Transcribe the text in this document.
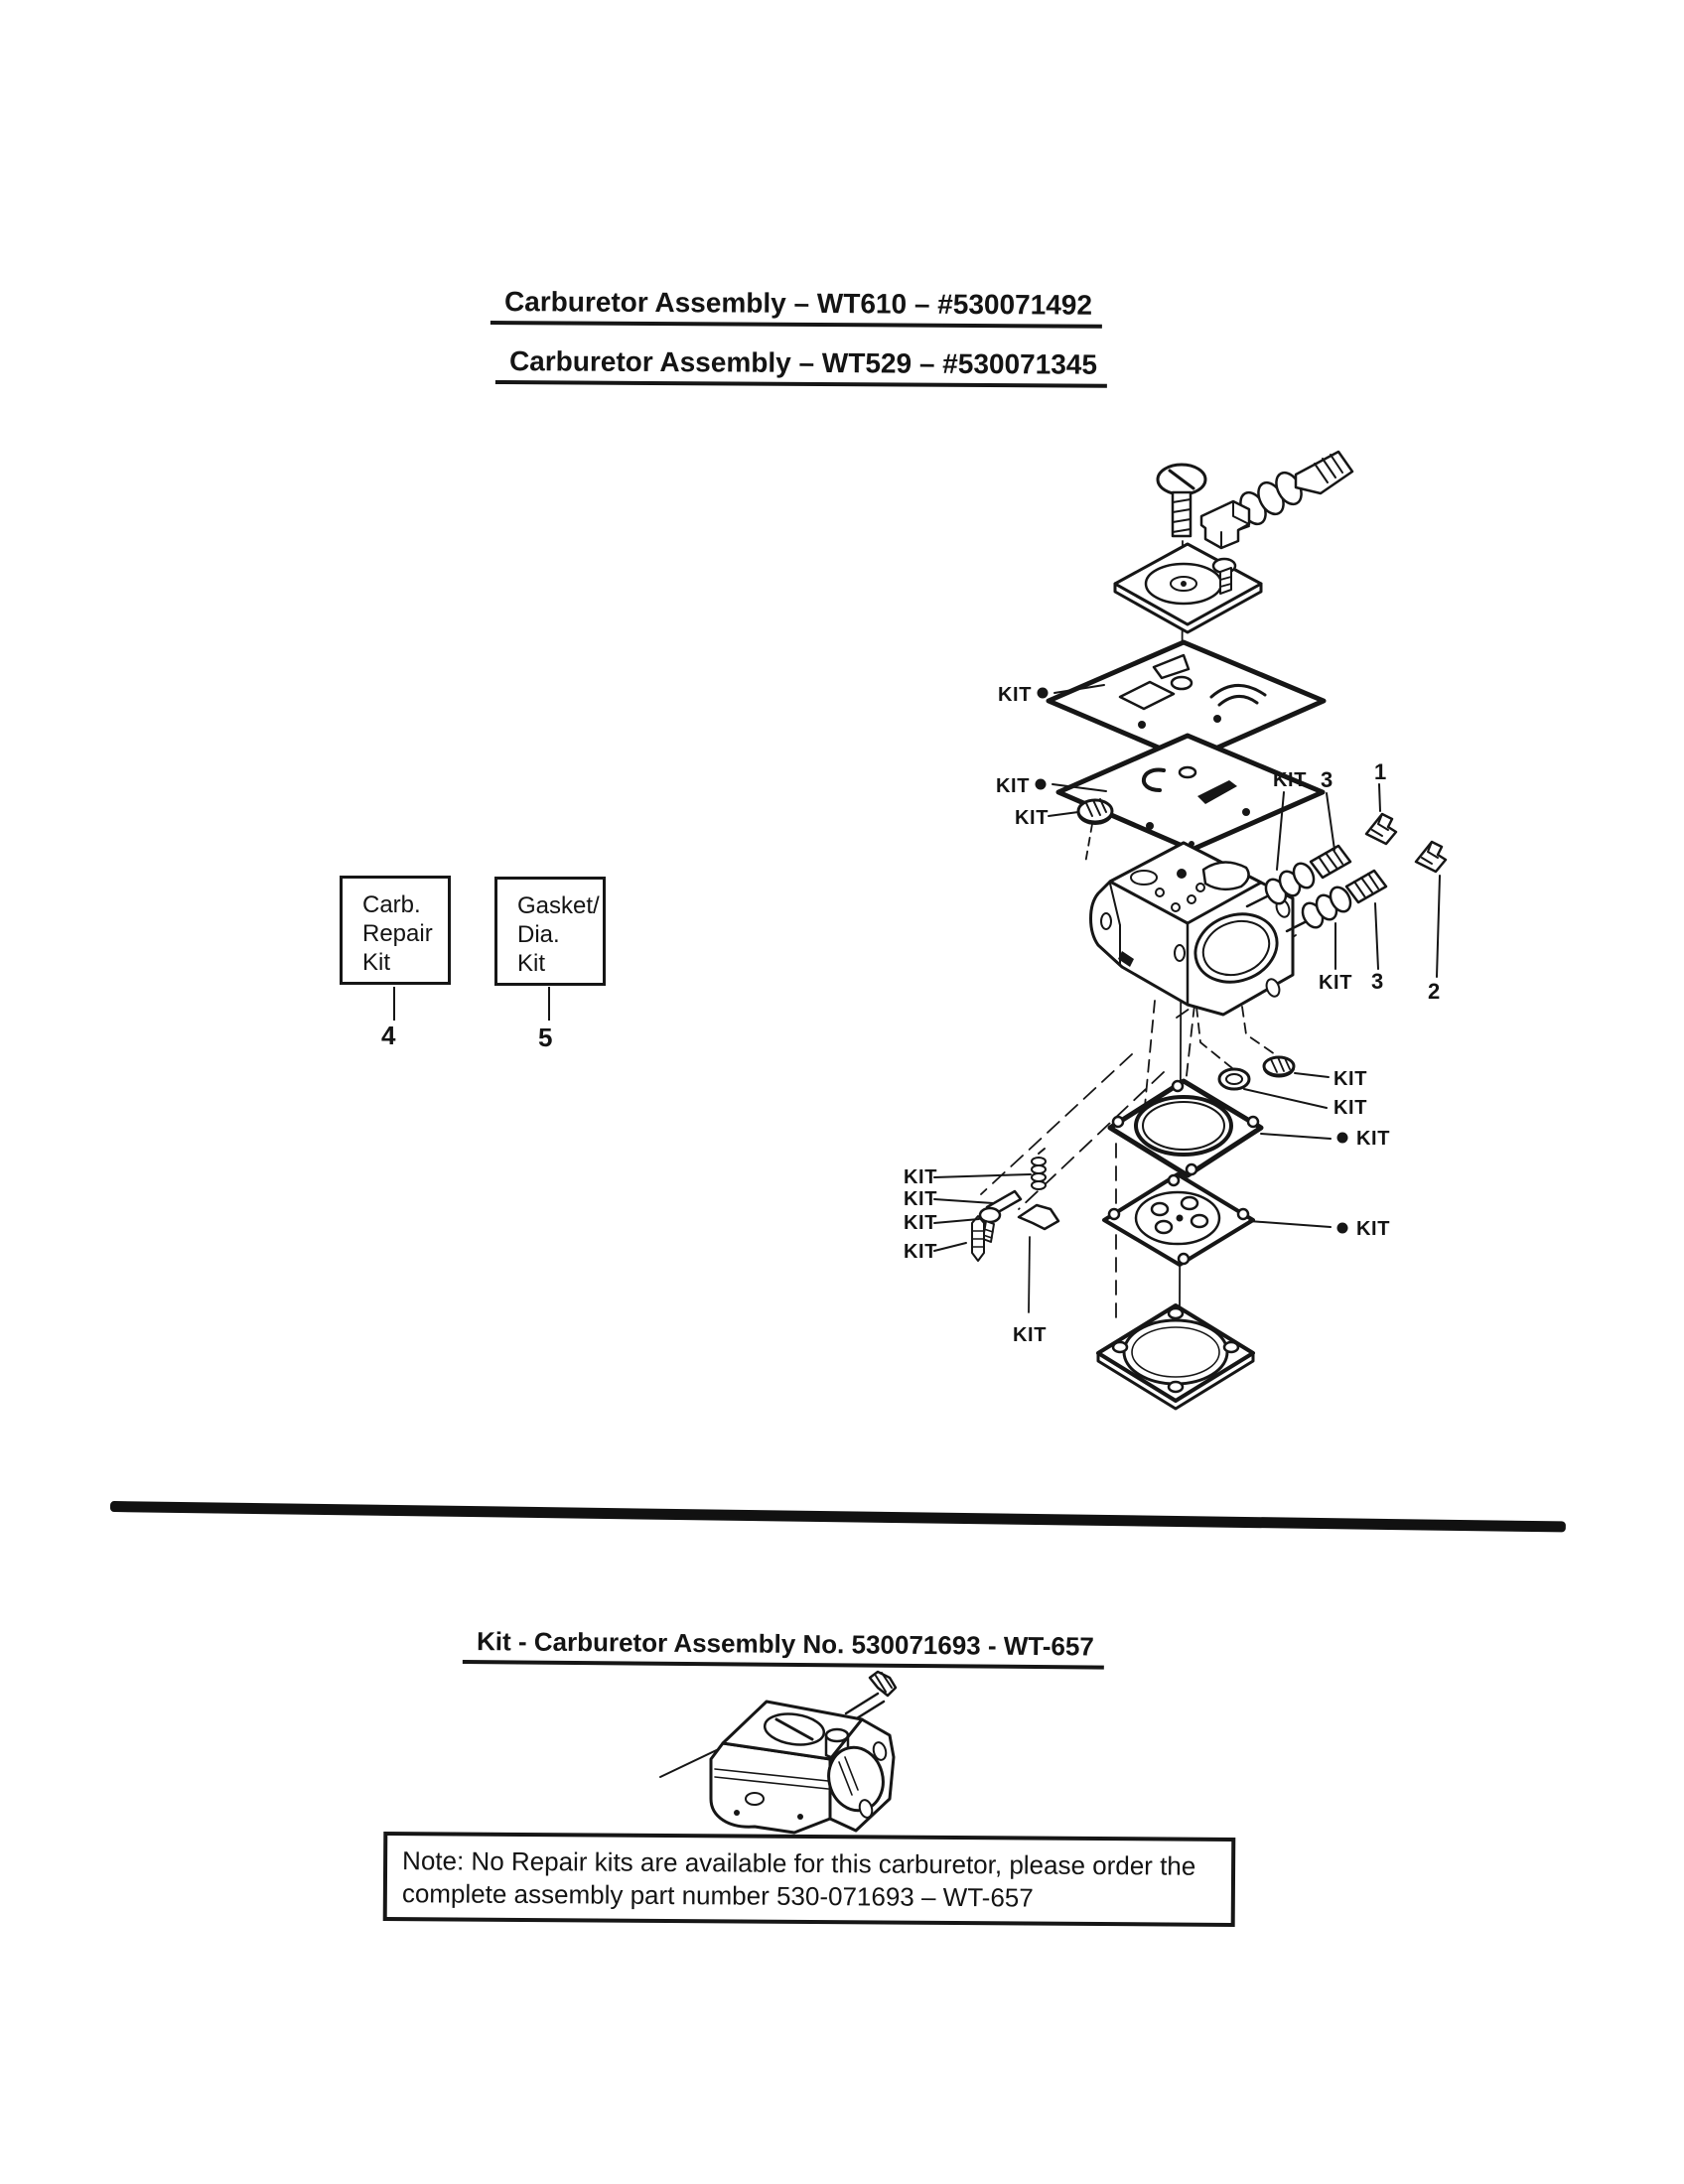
Carburetor Assembly – WT610 – #530071492
Carburetor Assembly – WT529 – #530071345
Carb.
Repair
Kit
4
Gasket/
Dia.
Kit
5
KIT
KIT
KIT
KIT 3 1
KIT 3 2
KIT
KIT
KIT
KIT
KIT
KIT
KIT
KIT
KIT
Kit - Carburetor Assembly No. 530071693 - WT-657
Note: No Repair kits are available for this carburetor, please order the
complete assembly part number 530-071693 – WT-657
